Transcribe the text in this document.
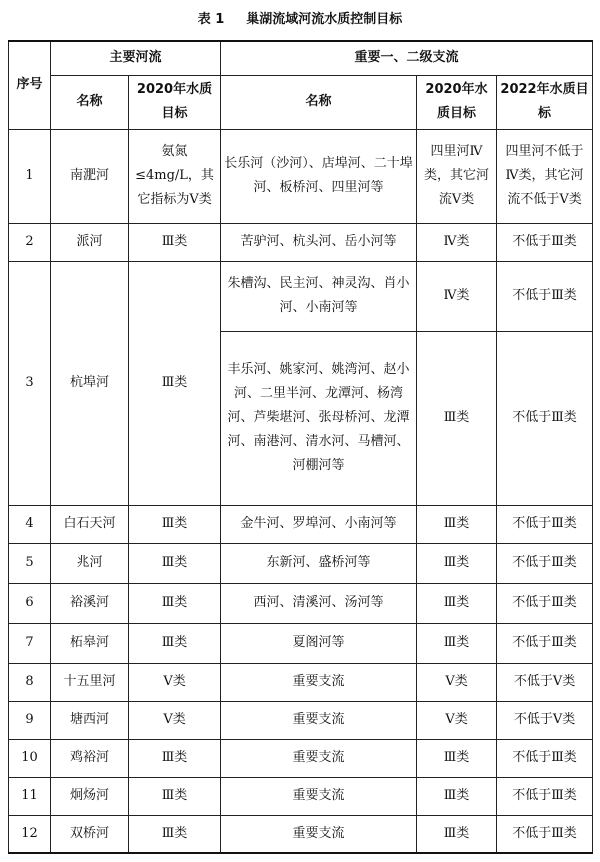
表 1 巢湖流域河流水质控制目标
序号	主要河流		重要一、二级支流		
	名称	2020年水质目标	名称	2020年水质目标	2022年水质目标
1	南淝河	氨氮≤4mg/L，其它指标为Ⅴ类	长乐河（沙河）、店埠河、二十埠河、板桥河、四里河等	四里河Ⅳ类，其它河流Ⅴ类	四里河不低于Ⅳ类，其它河流不低于Ⅴ类
2	派河	Ⅲ类	苦驴河、杭头河、岳小河等	Ⅳ类	不低于Ⅲ类
3	杭埠河	Ⅲ类	朱槽沟、民主河、神灵沟、肖小河、小南河等	Ⅳ类	不低于Ⅲ类
			丰乐河、姚家河、姚湾河、赵小河、二里半河、龙潭河、杨湾河、芦柴堪河、张母桥河、龙潭河、南港河、清水河、马槽河、河棚河等	Ⅲ类	不低于Ⅲ类
4	白石天河	Ⅲ类	金牛河、罗埠河、小南河等	Ⅲ类	不低于Ⅲ类
5	兆河	Ⅲ类	东新河、盛桥河等	Ⅲ类	不低于Ⅲ类
6	裕溪河	Ⅲ类	西河、清溪河、汤河等	Ⅲ类	不低于Ⅲ类
7	柘皋河	Ⅲ类	夏阁河等	Ⅲ类	不低于Ⅲ类
8	十五里河	Ⅴ类	重要支流	Ⅴ类	不低于Ⅴ类
9	塘西河	Ⅴ类	重要支流	Ⅴ类	不低于Ⅴ类
10	鸡裕河	Ⅲ类	重要支流	Ⅲ类	不低于Ⅲ类
11	炯炀河	Ⅲ类	重要支流	Ⅲ类	不低于Ⅲ类
12	双桥河	Ⅲ类	重要支流	Ⅲ类	不低于Ⅲ类
